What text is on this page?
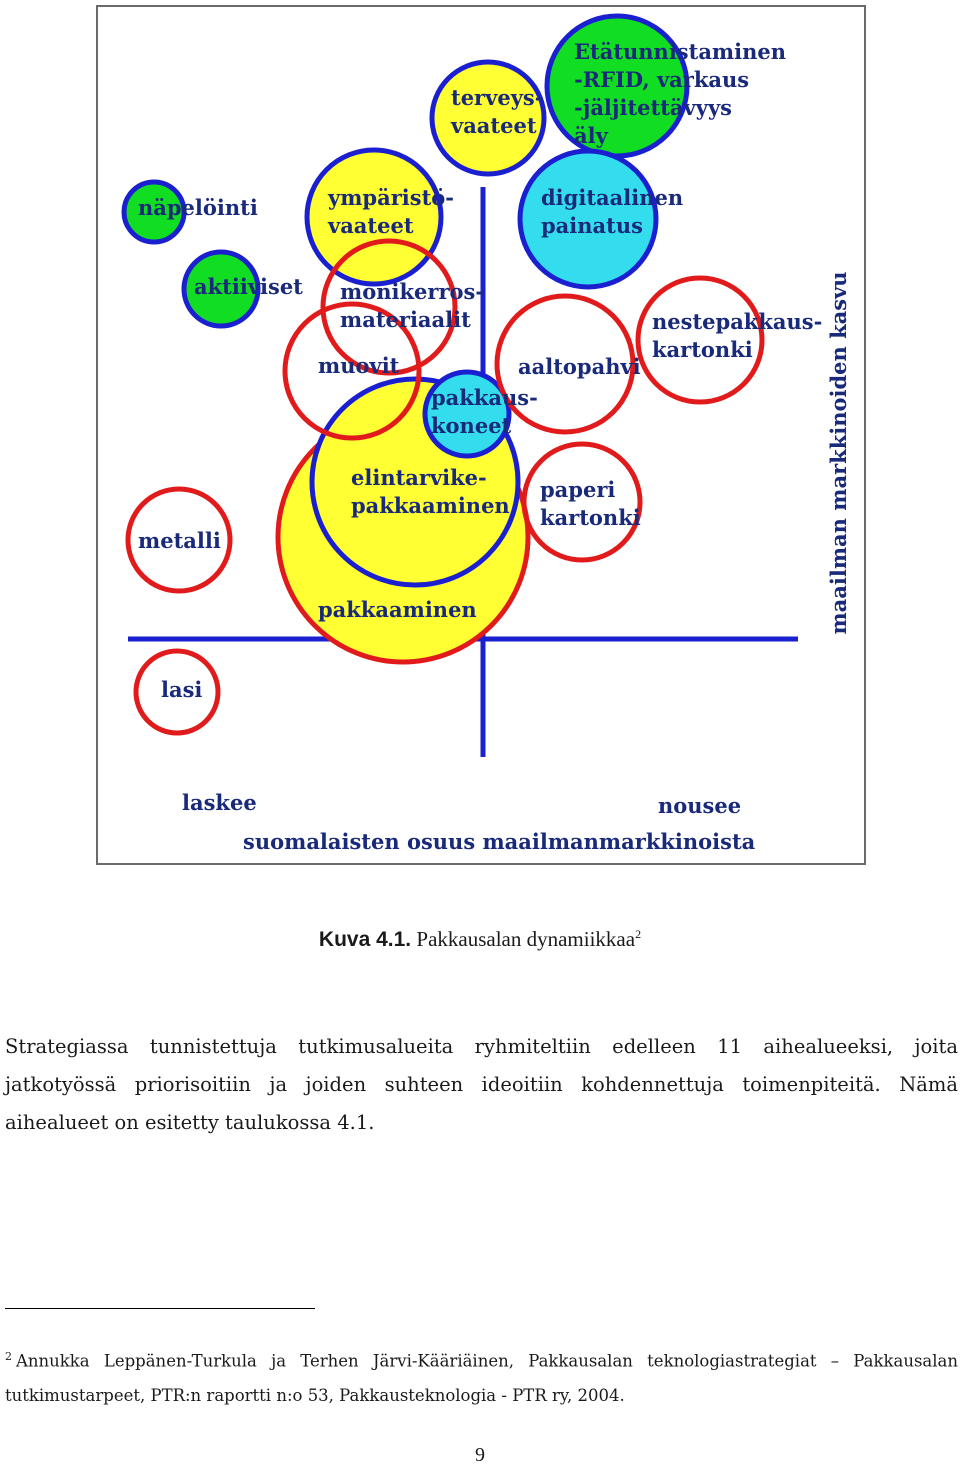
pakkaaminen
elintarvike-
pakkaaminen
pakkaus-
koneet
terveys-
vaateet
Etätunnistaminen
-RFID, varkaus
-jäljitettävyys
äly
digitaalinen
painatus
näpelöinti
aktiiviset
ympäristö-
vaateet
monikerros-
materiaalit
muovit	aaltopahvi
nestepakkaus-
kartonki
paperi
kartonki
metalli
lasi
laskee	nousee
suomalaisten osuus maailmanmarkkinoista
maailman markkinoiden kasvu
Kuva 4.1. Pakkausalan dynamiikkaa$^2$
Strategiassa tunnistettuja tutkimusalueita ryhmiteltiin edelleen 11 aihealueeksi, joita jatkotyössä priorisoitiin ja joiden suhteen ideoitiin kohdennettuja toimenpiteitä. Nämä aihealueet on esitetty taulukossa 4.1.
$^2$ Annukka Leppänen-Turkula ja Terhen Järvi-Kääriäinen, Pakkausalan teknologiastrategiat – Pakkausalan tutkimustarpeet, PTR:n raportti n:o 53, Pakkausteknologia - PTR ry, 2004.
9
